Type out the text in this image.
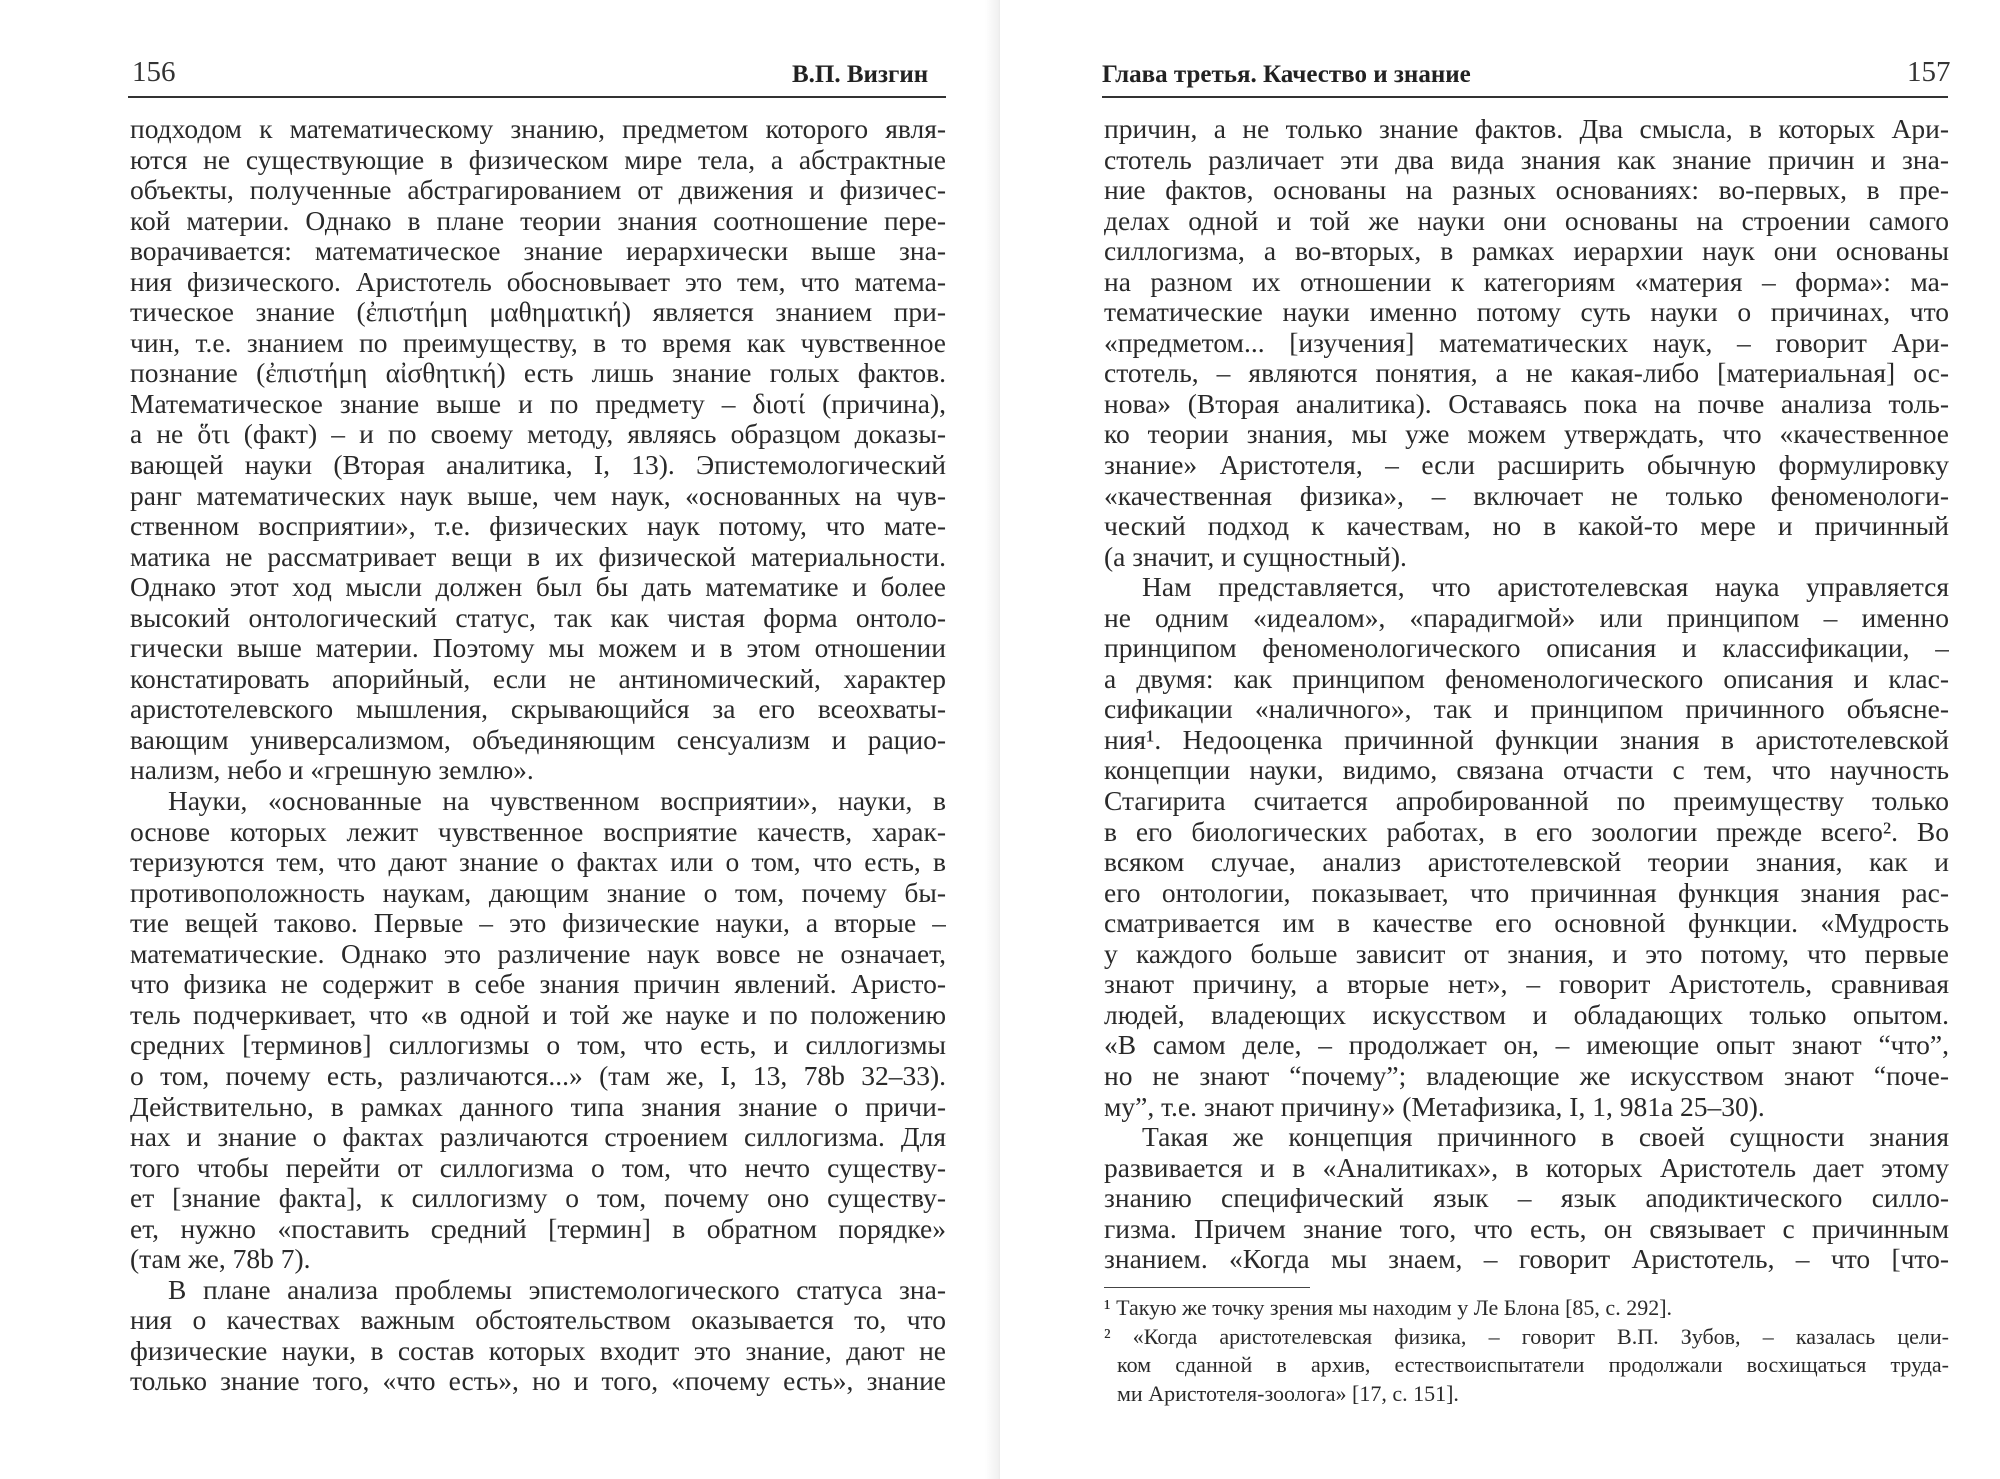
156	В.П. Визгин
подходом к математическому знанию, предметом которого явля-
ются не существующие в физическом мире тела, а абстрактные
объекты, полученные абстрагированием от движения и физичес-
кой материи. Однако в плане теории знания соотношение пере-
ворачивается: математическое знание иерархически выше зна-
ния физического. Аристотель обосновывает это тем, что матема-
тическое знание (ἐπιστήμη μαθηματική) является знанием при-
чин, т.е. знанием по преимуществу, в то время как чувственное
познание (ἐπιστήμη αἰσθητική) есть лишь знание голых фактов.
Математическое знание выше и по предмету – διοτί (причина),
а не ὅτι (факт) – и по своему методу, являясь образцом доказы-
вающей науки (Вторая аналитика, I, 13). Эпистемологический
ранг математических наук выше, чем наук, «основанных на чув-
ственном восприятии», т.е. физических наук потому, что мате-
матика не рассматривает вещи в их физической материальности.
Однако этот ход мысли должен был бы дать математике и более
высокий онтологический статус, так как чистая форма онтоло-
гически выше материи. Поэтому мы можем и в этом отношении
констатировать апорийный, если не антиномический, характер
аристотелевского мышления, скрывающийся за его всеохваты-
вающим универсализмом, объединяющим сенсуализм и рацио-
нализм, небо и «грешную землю».
Науки, «основанные на чувственном восприятии», науки, в
основе которых лежит чувственное восприятие качеств, харак-
теризуются тем, что дают знание о фактах или о том, что есть, в
противоположность наукам, дающим знание о том, почему бы-
тие вещей таково. Первые – это физические науки, а вторые –
математические. Однако это различение наук вовсе не означает,
что физика не содержит в себе знания причин явлений. Аристо-
тель подчеркивает, что «в одной и той же науке и по положению
средних [терминов] силлогизмы о том, что есть, и силлогизмы
о том, почему есть, различаются...» (там же, I, 13, 78b 32–33).
Действительно, в рамках данного типа знания знание о причи-
нах и знание о фактах различаются строением силлогизма. Для
того чтобы перейти от силлогизма о том, что нечто существу-
ет [знание факта], к силлогизму о том, почему оно существу-
ет, нужно «поставить средний [термин] в обратном порядке»
(там же, 78b 7).
В плане анализа проблемы эпистемологического статуса зна-
ния о качествах важным обстоятельством оказывается то, что
физические науки, в состав которых входит это знание, дают не
только знание того, «что есть», но и того, «почему есть», знание
Глава третья. Качество и знание	157
причин, а не только знание фактов. Два смысла, в которых Ари-
стотель различает эти два вида знания как знание причин и зна-
ние фактов, основаны на разных основаниях: во-первых, в пре-
делах одной и той же науки они основаны на строении самого
силлогизма, а во-вторых, в рамках иерархии наук они основаны
на разном их отношении к категориям «материя – форма»: ма-
тематические науки именно потому суть науки о причинах, что
«предметом... [изучения] математических наук, – говорит Ари-
стотель, – являются понятия, а не какая-либо [материальная] ос-
нова» (Вторая аналитика). Оставаясь пока на почве анализа толь-
ко теории знания, мы уже можем утверждать, что «качественное
знание» Аристотеля, – если расширить обычную формулировку
«качественная физика», – включает не только феноменологи-
ческий подход к качествам, но в какой-то мере и причинный
(а значит, и сущностный).
Нам представляется, что аристотелевская наука управляется
не одним «идеалом», «парадигмой» или принципом – именно
принципом феноменологического описания и классификации, –
а двумя: как принципом феноменологического описания и клас-
сификации «наличного», так и принципом причинного объясне-
ния¹. Недооценка причинной функции знания в аристотелевской
концепции науки, видимо, связана отчасти с тем, что научность
Стагирита считается апробированной по преимуществу только
в его биологических работах, в его зоологии прежде всего². Во
всяком случае, анализ аристотелевской теории знания, как и
его онтологии, показывает, что причинная функция знания рас-
сматривается им в качестве его основной функции. «Мудрость
у каждого больше зависит от знания, и это потому, что первые
знают причину, а вторые нет», – говорит Аристотель, сравнивая
людей, владеющих искусством и обладающих только опытом.
«В самом деле, – продолжает он, – имеющие опыт знают “что”,
но не знают “почему”; владеющие же искусством знают “поче-
му”, т.е. знают причину» (Метафизика, I, 1, 981а 25–30).
Такая же концепция причинного в своей сущности знания
развивается и в «Аналитиках», в которых Аристотель дает этому
знанию специфический язык – язык аподиктического силло-
гизма. Причем знание того, что есть, он связывает с причинным
знанием. «Когда мы знаем, – говорит Аристотель, – что [что-
¹ Такую же точку зрения мы находим у Ле Блона [85, с. 292].
² «Когда аристотелевская физика, – говорит В.П. Зубов, – казалась цели-
ком сданной в архив, естествоиспытатели продолжали восхищаться труда-
ми Аристотеля-зоолога» [17, с. 151].
